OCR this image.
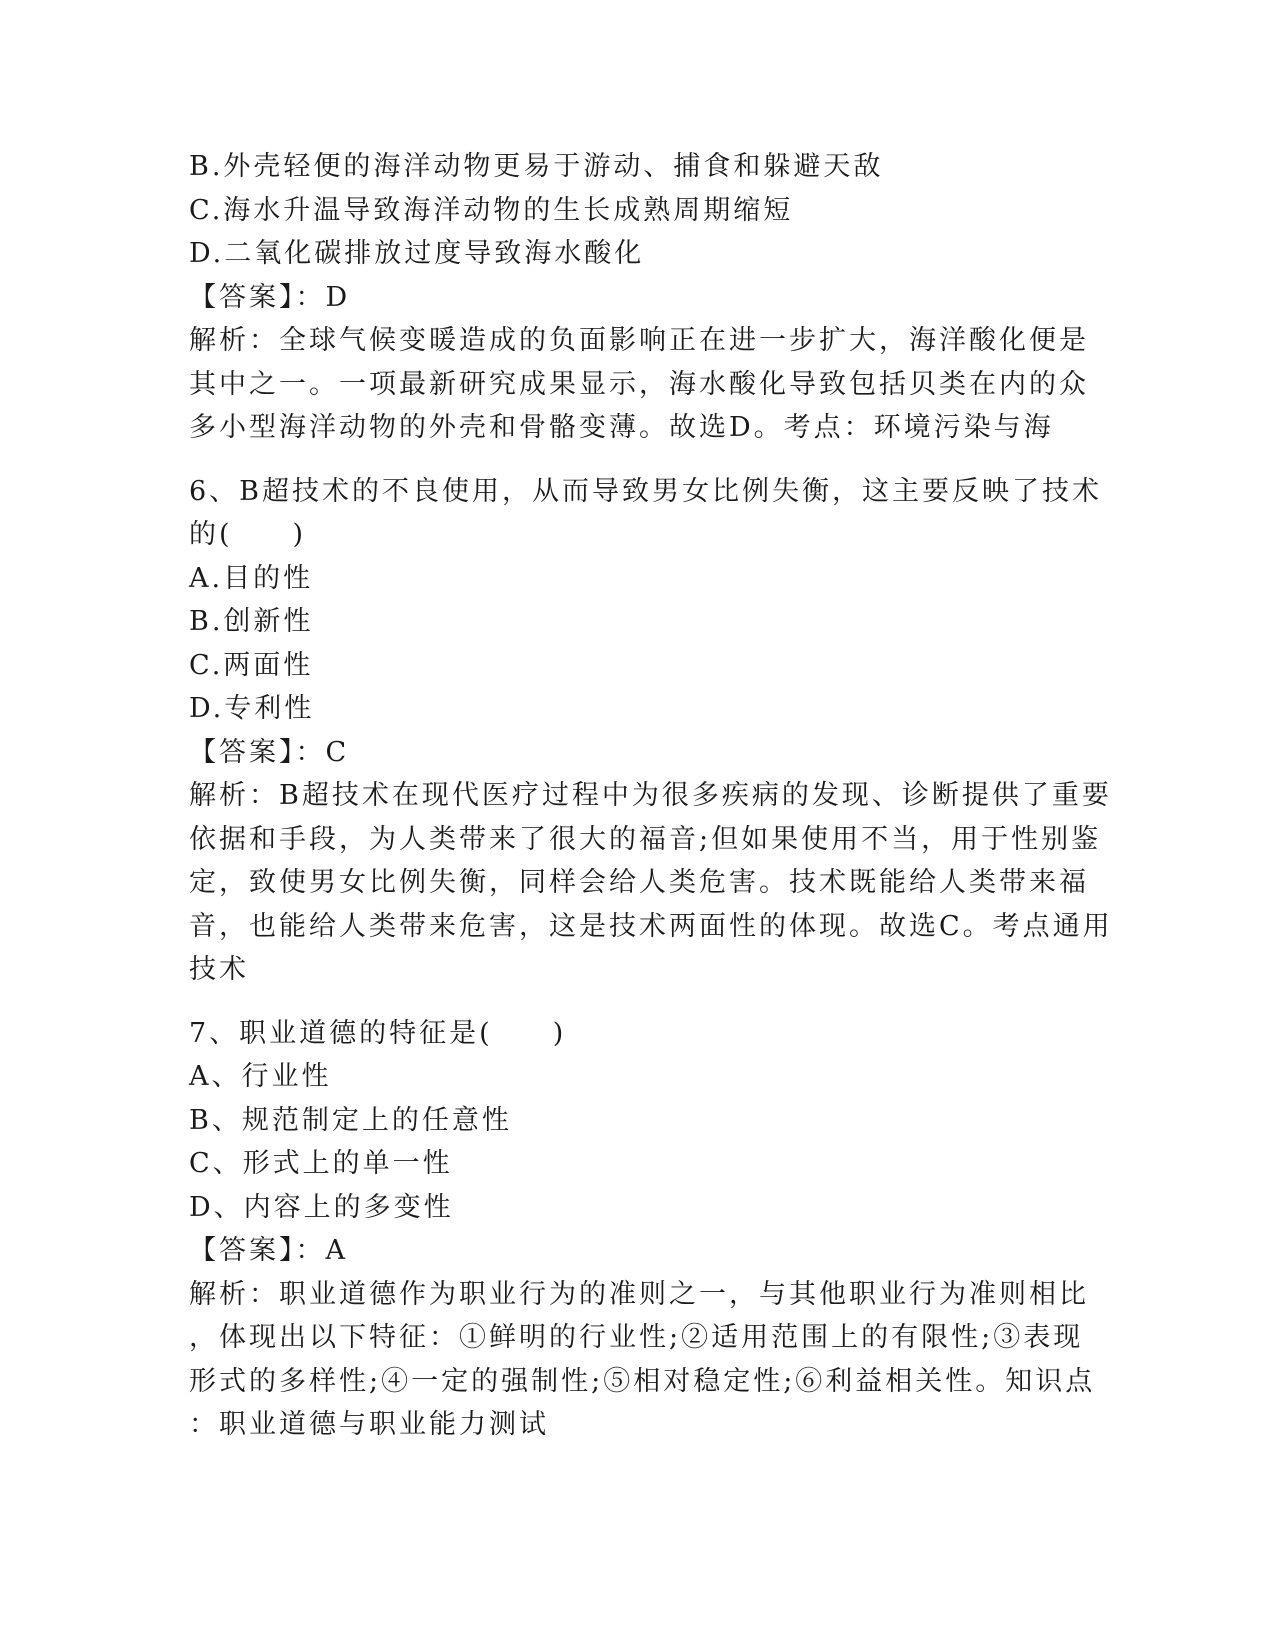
B.外壳轻便的海洋动物更易于游动、捕食和躲避天敌
C.海水升温导致海洋动物的生长成熟周期缩短
D.二氧化碳排放过度导致海水酸化
【答案】：D
解析：全球气候变暖造成的负面影响正在进一步扩大，海洋酸化便是
其中之一。一项最新研究成果显示，海水酸化导致包括贝类在内的众
多小型海洋动物的外壳和骨骼变薄。故选D。考点：环境污染与海
6、B超技术的不良使用，从而导致男女比例失衡，这主要反映了技术
的(　　)
A.目的性
B.创新性
C.两面性
D.专利性
【答案】：C
解析：B超技术在现代医疗过程中为很多疾病的发现、诊断提供了重要
依据和手段，为人类带来了很大的福音;但如果使用不当，用于性别鉴
定，致使男女比例失衡，同样会给人类危害。技术既能给人类带来福
音，也能给人类带来危害，这是技术两面性的体现。故选C。考点通用
技术
7、职业道德的特征是(　　)
A、行业性
B、规范制定上的任意性
C、形式上的单一性
D、内容上的多变性
【答案】：A
解析：职业道德作为职业行为的准则之一，与其他职业行为准则相比
，体现出以下特征：①鲜明的行业性;②适用范围上的有限性;③表现
形式的多样性;④一定的强制性;⑤相对稳定性;⑥利益相关性。知识点
：职业道德与职业能力测试
